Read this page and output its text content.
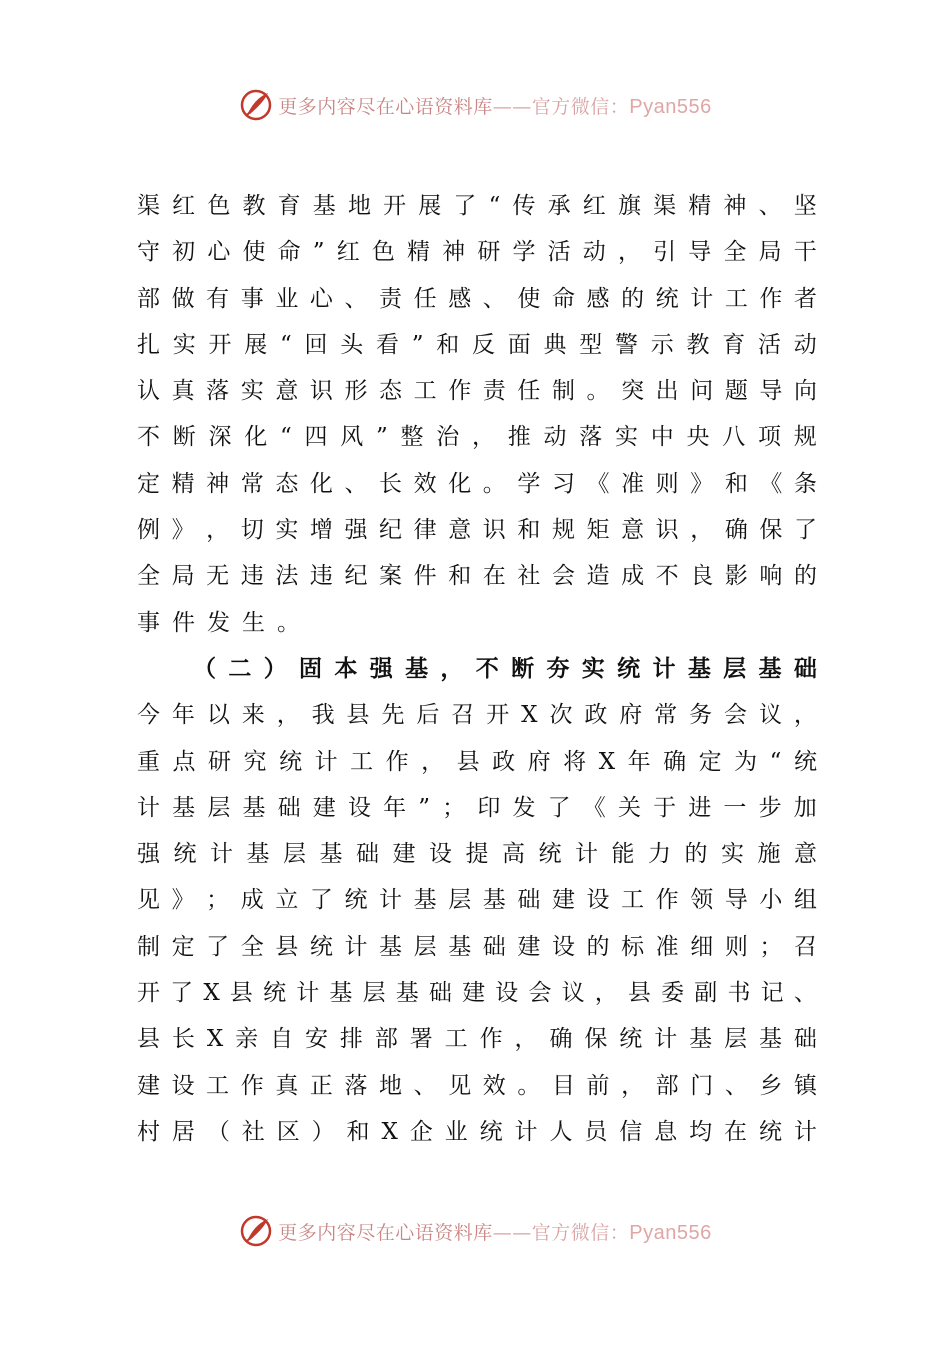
更多内容尽在心语资料库——官方微信：Pyan556
渠 红 色 教 育 基 地 开 展 了 “ 传 承 红 旗 渠 精 神 、 坚
守 初 心 使 命 ” 红 色 精 神 研 学 活 动 ， 引 导 全 局 干
部 做 有 事 业 心 、 责 任 感 、 使 命 感 的 统 计 工 作 者
扎 实 开 展 “ 回 头 看 ” 和 反 面 典 型 警 示 教 育 活 动
认 真 落 实 意 识 形 态 工 作 责 任 制 。 突 出 问 题 导 向
不 断 深 化 “ 四 风 ” 整 治 ， 推 动 落 实 中 央 八 项 规
定 精 神 常 态 化 、 长 效 化 。 学 习 《 准 则 》 和 《 条
例 》 ， 切 实 增 强 纪 律 意 识 和 规 矩 意 识 ， 确 保 了
全 局 无 违 法 违 纪 案 件 和 在 社 会 造 成 不 良 影 响 的
事件发生。
（ 二 ） 固 本 强 基 ， 不 断 夯 实 统 计 基 层 基 础
今 年 以 来 ， 我 县 先 后 召 开 X 次 政 府 常 务 会 议 ，
重 点 研 究 统 计 工 作 ， 县 政 府 将 X 年 确 定 为 “ 统
计 基 层 基 础 建 设 年 ” ； 印 发 了 《 关 于 进 一 步 加
强 统 计 基 层 基 础 建 设 提 高 统 计 能 力 的 实 施 意
见 》 ； 成 立 了 统 计 基 层 基 础 建 设 工 作 领 导 小 组
制 定 了 全 县 统 计 基 层 基 础 建 设 的 标 准 细 则 ； 召
开 了 X 县 统 计 基 层 基 础 建 设 会 议 ， 县 委 副 书 记 、
县 长 X 亲 自 安 排 部 署 工 作 ， 确 保 统 计 基 层 基 础
建 设 工 作 真 正 落 地 、 见 效 。 目 前 ， 部 门 、 乡 镇
村 居 （ 社 区 ） 和 X 企 业 统 计 人 员 信 息 均 在 统 计
更多内容尽在心语资料库——官方微信：Pyan556
